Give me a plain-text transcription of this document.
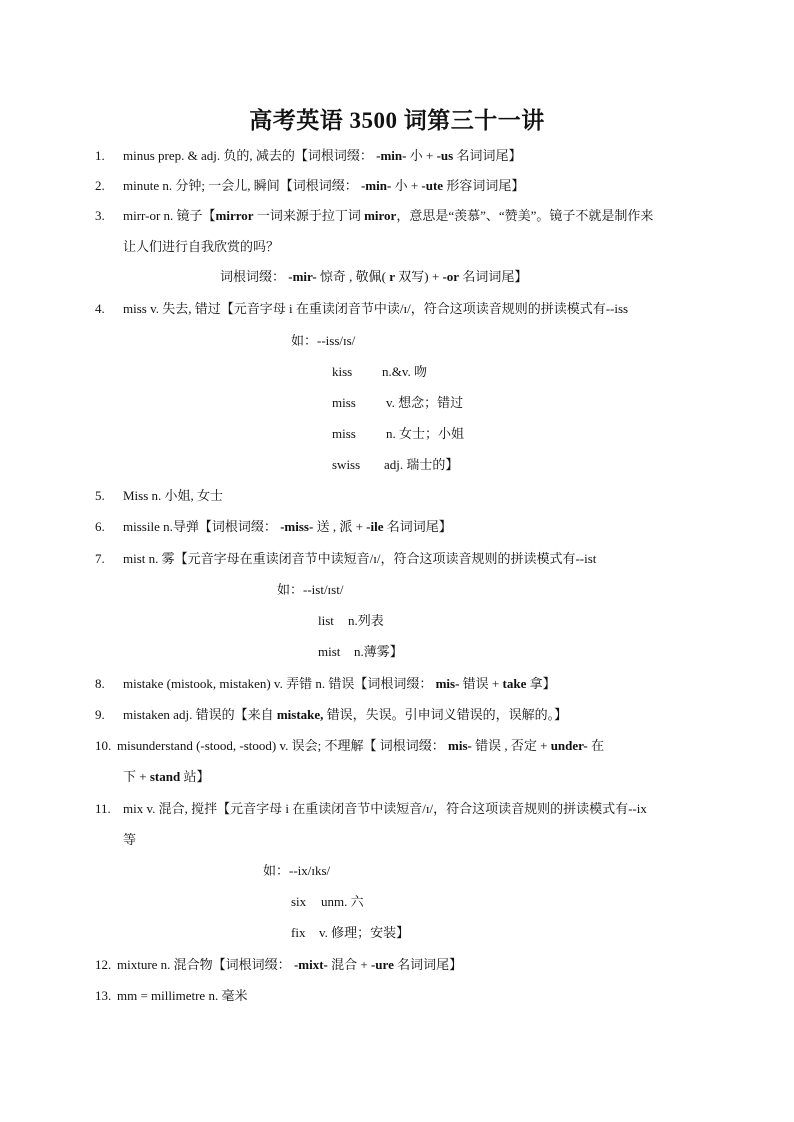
高考英语 3500 词第三十一讲
1. minus prep. & adj. 负的, 减去的【词根词缀： -min- 小 + -us 名词词尾】
2. minute n. 分钟; 一会儿, 瞬间【词根词缀： -min- 小 + -ute 形容词词尾】
3. mirr-or n. 镜子【mirror 一词来源于拉丁词 miror，意思是“羡慕”、“赞美”。镜子不就是制作来
让人们进行自我欣赏的吗？
词根词缀： -mir- 惊奇 , 敬佩( r 双写) + -or 名词词尾】
4. miss v. 失去, 错过【元音字母 i 在重读闭音节中读/ɪ/，符合这项读音规则的拼读模式有--iss
如：--iss/ɪs/
kiss n.&v. 吻
miss v. 想念；错过
miss n. 女士；小姐
swiss adj. 瑞士的】
5. Miss n. 小姐, 女士
6. missile n.导弹【词根词缀： -miss- 送 , 派 + -ile 名词词尾】
7. mist n. 雾【元音字母在重读闭音节中读短音/ɪ/，符合这项读音规则的拼读模式有--ist
如：--ist/ɪst/
list n.列表
mist n.薄雾】
8. mistake (mistook, mistaken) v. 弄错 n. 错误【词根词缀： mis- 错误 + take 拿】
9. mistaken adj. 错误的【来自 mistake, 错误，失误。引申词义错误的，误解的。】
10. misunderstand (-stood, -stood) v. 误会; 不理解【 词根词缀： mis- 错误 , 否定 + under- 在
下 + stand 站】
11. mix v. 混合, 搅拌【元音字母 i 在重读闭音节中读短音/ɪ/，符合这项读音规则的拼读模式有--ix
等
如：--ix/ɪks/
six unm. 六
fix v. 修理；安装】
12. mixture n. 混合物【词根词缀： -mixt- 混合 + -ure 名词词尾】
13. mm = millimetre n. 毫米
